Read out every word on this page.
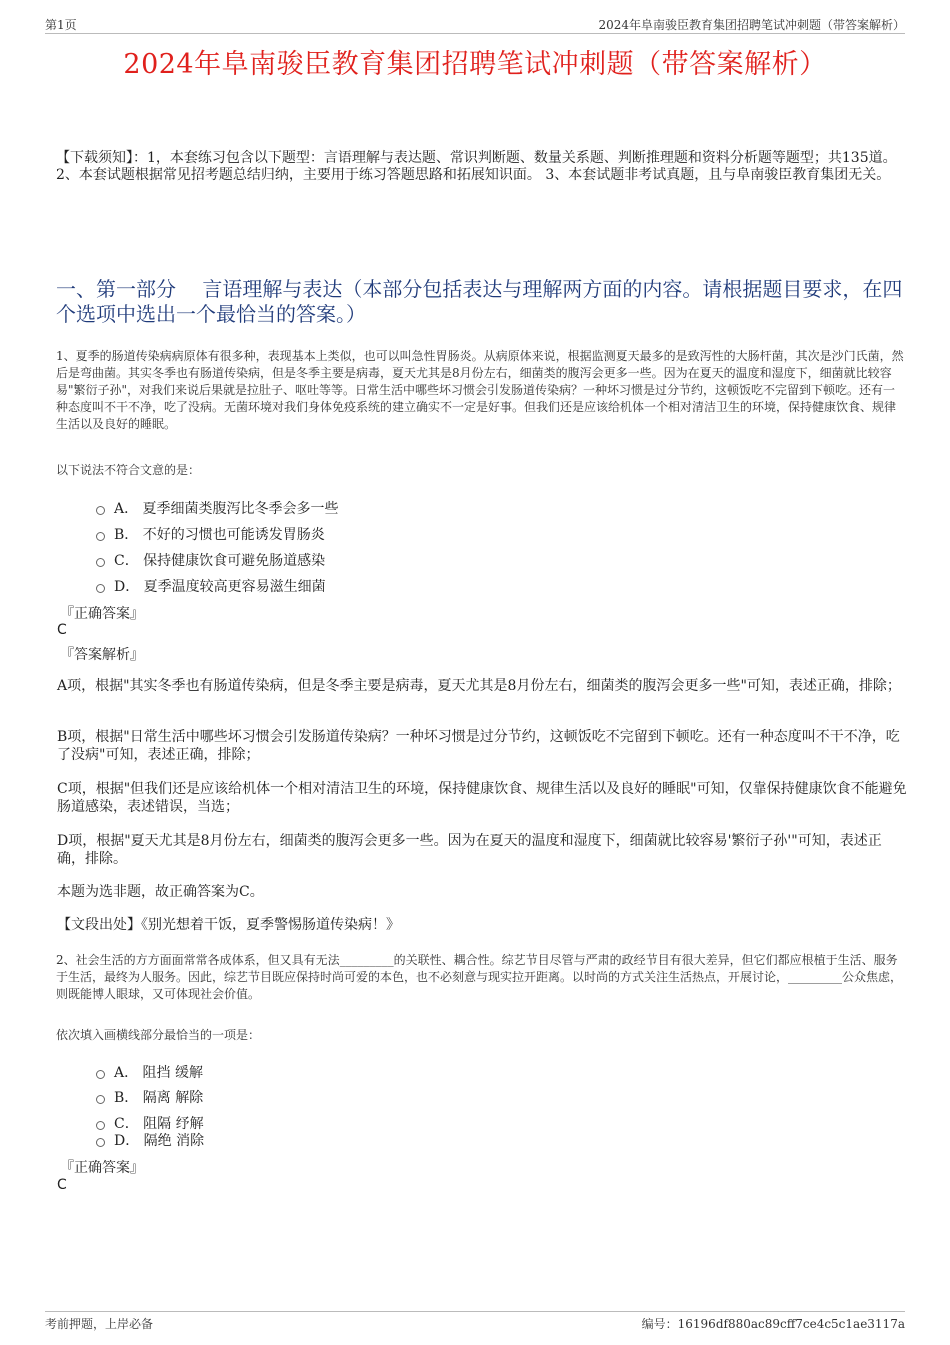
第1页	2024年阜南骏臣教育集团招聘笔试冲刺题（带答案解析）
2024年阜南骏臣教育集团招聘笔试冲刺题（带答案解析）
【下载须知】：1，本套练习包含以下题型：言语理解与表达题、常识判断题、数量关系题、判断推理题和资料分析题等题型；共135道。 2、本套试题根据常见招考题总结归纳，主要用于练习答题思路和拓展知识面。 3、本套试题非考试真题，且与阜南骏臣教育集团无关。
一、第一部分　 言语理解与表达（本部分包括表达与理解两方面的内容。请根据题目要求，在四个选项中选出一个最恰当的答案。）
1、夏季的肠道传染病病原体有很多种，表现基本上类似，也可以叫急性胃肠炎。从病原体来说，根据监测夏天最多的是致泻性的大肠杆菌，其次是沙门氏菌，然后是弯曲菌。其实冬季也有肠道传染病，但是冬季主要是病毒，夏天尤其是8月份左右，细菌类的腹泻会更多一些。因为在夏天的温度和湿度下，细菌就比较容易"繁衍子孙"，对我们来说后果就是拉肚子、呕吐等等。日常生活中哪些坏习惯会引发肠道传染病？一种坏习惯是过分节约，这顿饭吃不完留到下顿吃。还有一种态度叫不干不净，吃了没病。无菌环境对我们身体免疫系统的建立确实不一定是好事。但我们还是应该给机体一个相对清洁卫生的环境，保持健康饮食、规律生活以及良好的睡眠。
以下说法不符合文意的是：
A． 夏季细菌类腹泻比冬季会多一些
B． 不好的习惯也可能诱发胃肠炎
C． 保持健康饮食可避免肠道感染
D． 夏季温度较高更容易滋生细菌
『正确答案』
C
『答案解析』
A项，根据"其实冬季也有肠道传染病，但是冬季主要是病毒，夏天尤其是8月份左右，细菌类的腹泻会更多一些"可知，表述正确，排除；
B项，根据"日常生活中哪些坏习惯会引发肠道传染病？一种坏习惯是过分节约，这顿饭吃不完留到下顿吃。还有一种态度叫不干不净，吃了没病"可知，表述正确，排除；
C项，根据"但我们还是应该给机体一个相对清洁卫生的环境，保持健康饮食、规律生活以及良好的睡眠"可知，仅靠保持健康饮食不能避免肠道感染，表述错误，当选；
D项，根据"夏天尤其是8月份左右，细菌类的腹泻会更多一些。因为在夏天的温度和湿度下，细菌就比较容易'繁衍子孙'"可知，表述正确，排除。
本题为选非题，故正确答案为C。
【文段出处】《别光想着干饭，夏季警惕肠道传染病！》
2、社会生活的方方面面常常各成体系，但又具有无法_________的关联性、耦合性。综艺节目尽管与严肃的政经节目有很大差异，但它们都应根植于生活、服务于生活，最终为人服务。因此，综艺节目既应保持时尚可爱的本色，也不必刻意与现实拉开距离。以时尚的方式关注生活热点，开展讨论，_________公众焦虑，则既能博人眼球，又可体现社会价值。
依次填入画横线部分最恰当的一项是：
A． 阻挡 缓解
B． 隔离 解除
C． 阻隔 纾解
D． 隔绝 消除
『正确答案』
C
考前押题，上岸必备	编号：16196df880ac89cff7ce4c5c1ae3117a
